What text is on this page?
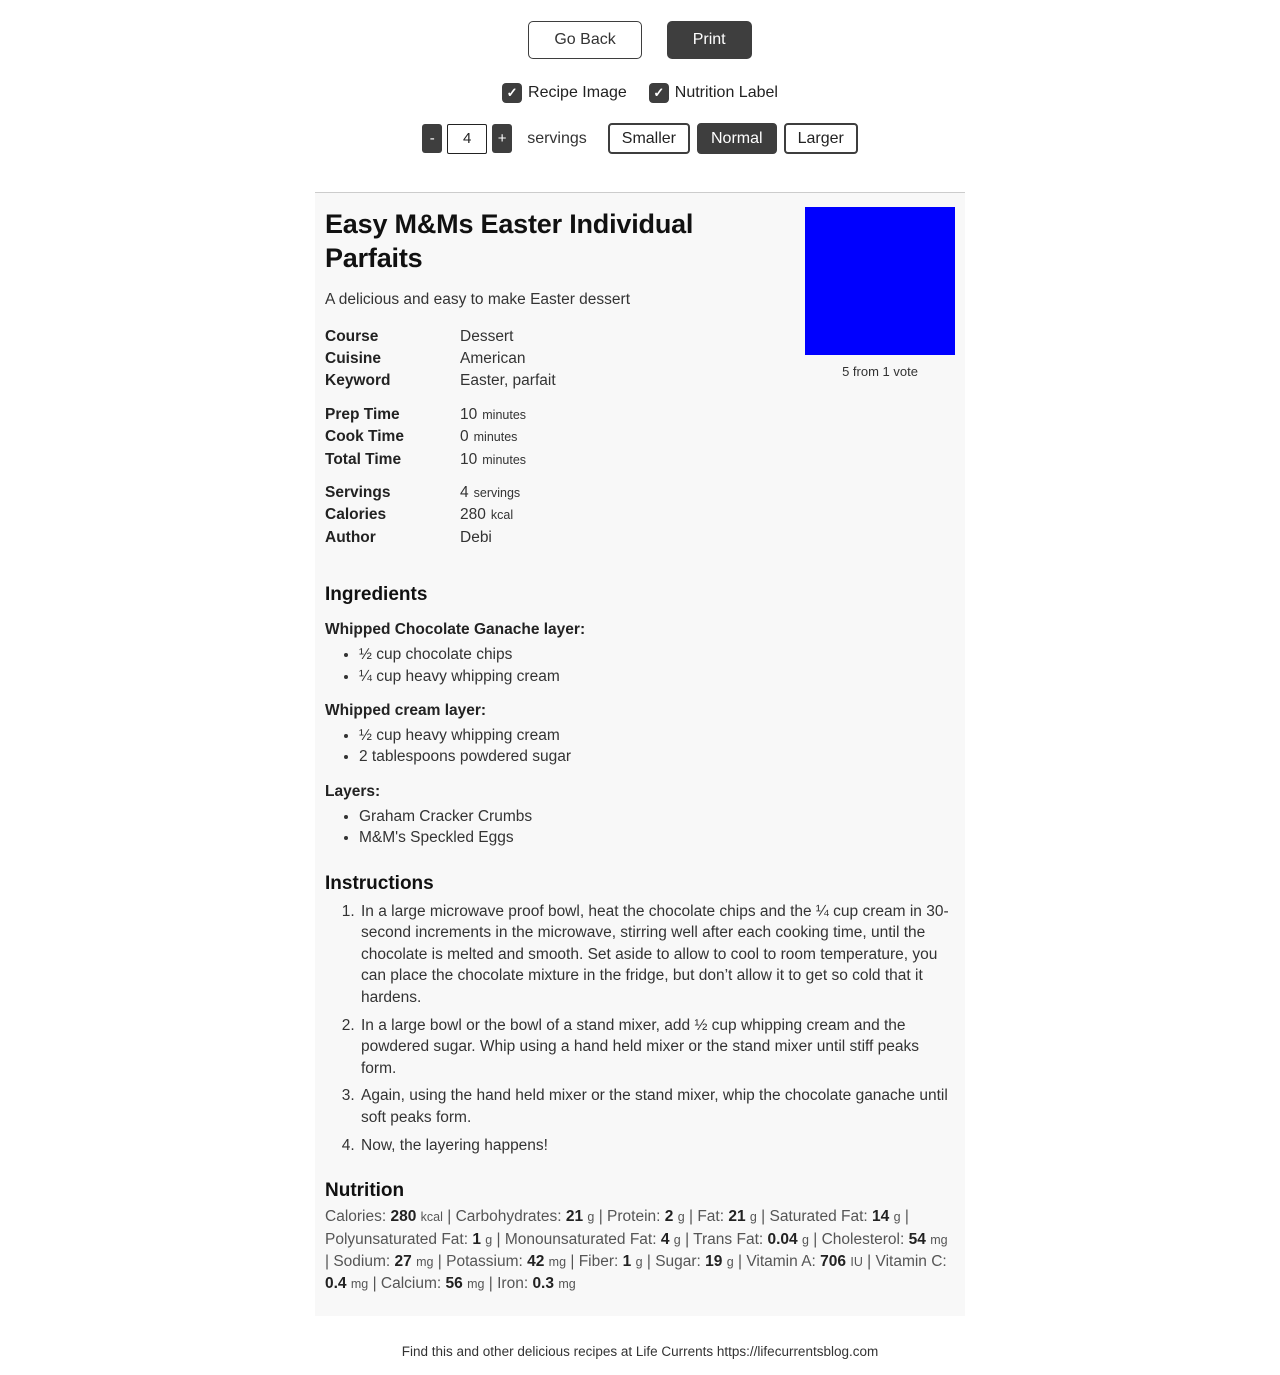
Go Back	Print
✓ Recipe Image	✓ Nutrition Label
-
4	+	servings	Smaller	Normal	Larger
Easy M&Ms Easter Individual Parfaits

A delicious and easy to make Easter dessert

Course	Dessert
Cuisine	American
Keyword	Easter, parfait
Prep Time	10 minutes
Cook Time	0 minutes
Total Time	10 minutes
Servings	4 servings
Calories	280 kcal
Author	Debi
5 from 1 vote
Ingredients
Whipped Chocolate Ganache layer:
• ½ cup chocolate chips
• ¼ cup heavy whipping cream
Whipped cream layer:
• ½ cup heavy whipping cream
• 2 tablespoons powdered sugar
Layers:
• Graham Cracker Crumbs
• M&M's Speckled Eggs
Instructions
1. In a large microwave proof bowl, heat the chocolate chips and the ¼ cup cream in 30-second increments in the microwave, stirring well after each cooking time, until the chocolate is melted and smooth. Set aside to allow to cool to room temperature, you can place the chocolate mixture in the fridge, but don’t allow it to get so cold that it hardens.
2. In a large bowl or the bowl of a stand mixer, add ½ cup whipping cream and the powdered sugar. Whip using a hand held mixer or the stand mixer until stiff peaks form.
3. Again, using the hand held mixer or the stand mixer, whip the chocolate ganache until soft peaks form.
4. Now, the layering happens!
Nutrition

Calories: 280 kcal | Carbohydrates: 21 g | Protein: 2 g | Fat: 21 g | Saturated Fat: 14 g | Polyunsaturated Fat: 1 g | Monounsaturated Fat: 4 g | Trans Fat: 0.04 g | Cholesterol: 54 mg | Sodium: 27 mg | Potassium: 42 mg | Fiber: 1 g | Sugar: 19 g | Vitamin A: 706 IU | Vitamin C: 0.4 mg | Calcium: 56 mg | Iron: 0.3 mg

Find this and other delicious recipes at Life Currents https://lifecurrentsblog.com
